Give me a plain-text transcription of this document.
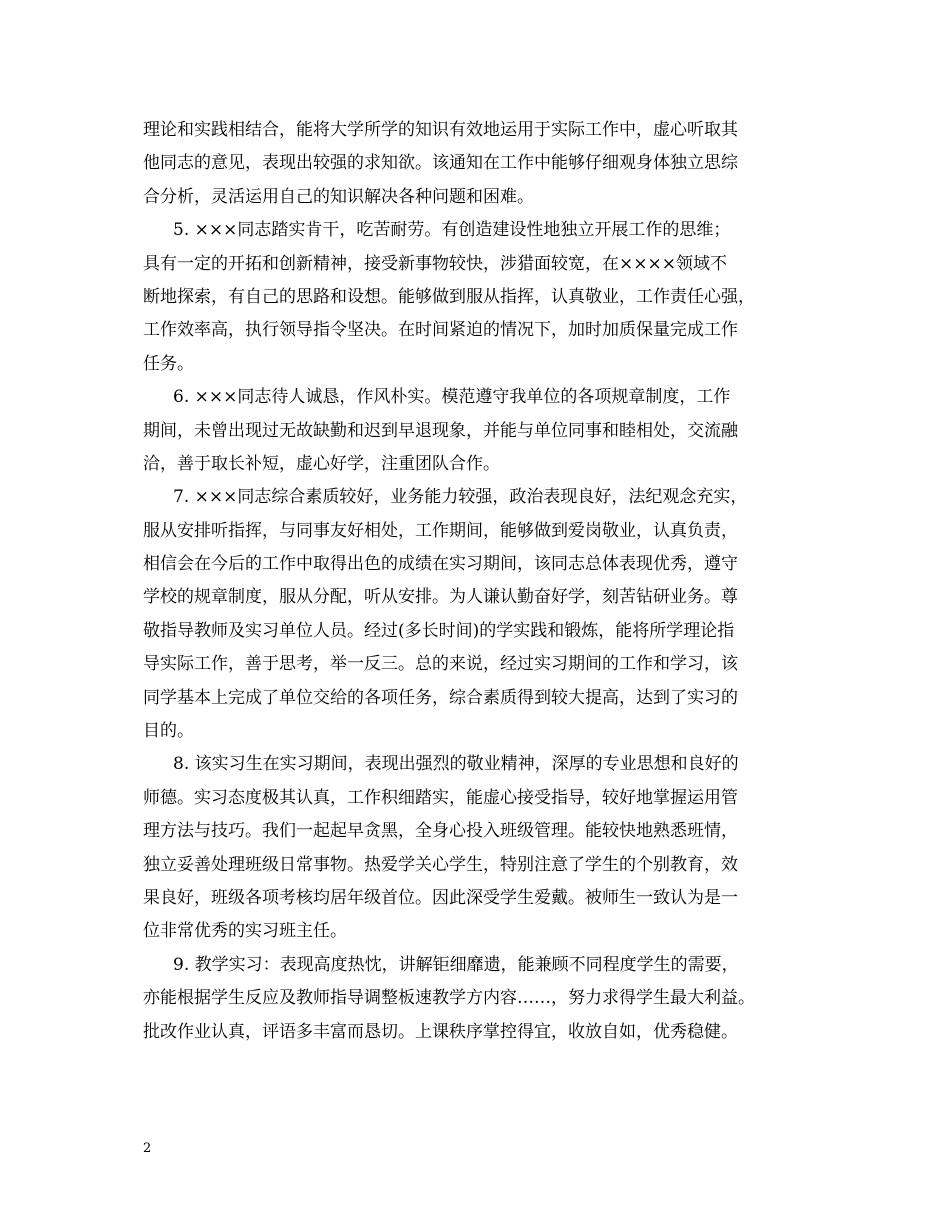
理论和实践相结合，能将大学所学的知识有效地运用于实际工作中，虚心听取其
他同志的意见，表现出较强的求知欲。该通知在工作中能够仔细观身体独立思综
合分析，灵活运用自己的知识解决各种问题和困难。
5. ×××同志踏实肯干，吃苦耐劳。有创造建设性地独立开展工作的思维；
具有一定的开拓和创新精神，接受新事物较快，涉猎面较宽，在××××领域不
断地探索，有自己的思路和设想。能够做到服从指挥，认真敬业，工作责任心强，
工作效率高，执行领导指令坚决。在时间紧迫的情况下，加时加质保量完成工作
任务。
6. ×××同志待人诚恳，作风朴实。模范遵守我单位的各项规章制度，工作
期间，未曾出现过无故缺勤和迟到早退现象，并能与单位同事和睦相处，交流融
洽，善于取长补短，虚心好学，注重团队合作。
7. ×××同志综合素质较好，业务能力较强，政治表现良好，法纪观念充实，
服从安排听指挥，与同事友好相处，工作期间，能够做到爱岗敬业，认真负责，
相信会在今后的工作中取得出色的成绩在实习期间，该同志总体表现优秀，遵守
学校的规章制度，服从分配，听从安排。为人谦认勤奋好学，刻苦钻研业务。尊
敬指导教师及实习单位人员。经过(多长时间)的学实践和锻炼，能将所学理论指
导实际工作，善于思考，举一反三。总的来说，经过实习期间的工作和学习，该
同学基本上完成了单位交给的各项任务，综合素质得到较大提高，达到了实习的
目的。
8. 该实习生在实习期间，表现出强烈的敬业精神，深厚的专业思想和良好的
师德。实习态度极其认真，工作积细踏实，能虚心接受指导，较好地掌握运用管
理方法与技巧。我们一起起早贪黑，全身心投入班级管理。能较快地熟悉班情，
独立妥善处理班级日常事物。热爱学关心学生，特别注意了学生的个别教育，效
果良好，班级各项考核均居年级首位。因此深受学生爱戴。被师生一致认为是一
位非常优秀的实习班主任。
9. 教学实习：表现高度热忱，讲解钜细靡遗，能兼顾不同程度学生的需要，
亦能根据学生反应及教师指导调整板速教学方内容……，努力求得学生最大利益。
批改作业认真，评语多丰富而恳切。上课秩序掌控得宜，收放自如，优秀稳健。
2
